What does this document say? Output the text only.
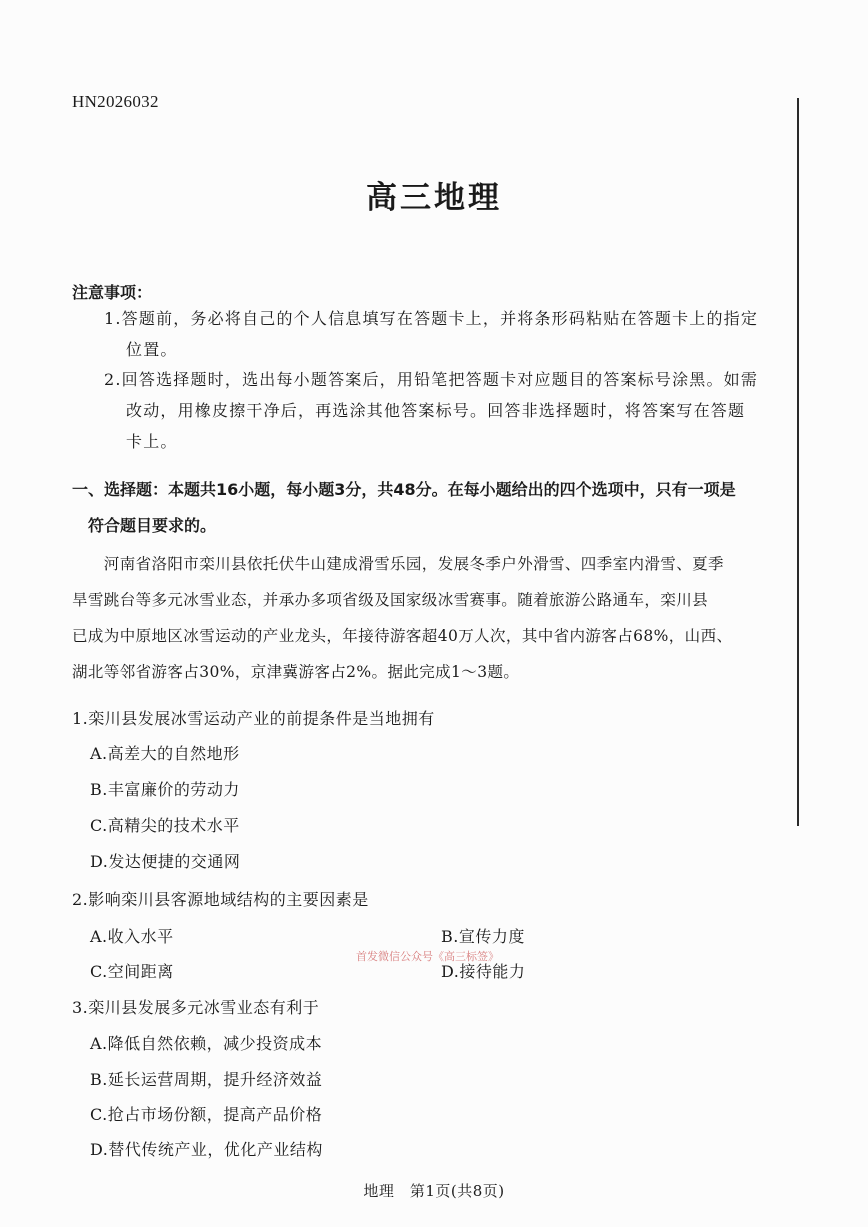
HN2026032
高三地理
注意事项：
1.答题前，务必将自己的个人信息填写在答题卡上，并将条形码粘贴在答题卡上的指定
位置。
2.回答选择题时，选出每小题答案后，用铅笔把答题卡对应题目的答案标号涂黑。如需
改动，用橡皮擦干净后，再选涂其他答案标号。回答非选择题时，将答案写在答题
卡上。
一、选择题：本题共16小题，每小题3分，共48分。在每小题给出的四个选项中，只有一项是
符合题目要求的。
　　河南省洛阳市栾川县依托伏牛山建成滑雪乐园，发展冬季户外滑雪、四季室内滑雪、夏季
旱雪跳台等多元冰雪业态，并承办多项省级及国家级冰雪赛事。随着旅游公路通车，栾川县
已成为中原地区冰雪运动的产业龙头，年接待游客超40万人次，其中省内游客占68%，山西、
湖北等邻省游客占30%，京津冀游客占2%。据此完成1～3题。
1.栾川县发展冰雪运动产业的前提条件是当地拥有
A.高差大的自然地形
B.丰富廉价的劳动力
C.高精尖的技术水平
D.发达便捷的交通网
2.影响栾川县客源地域结构的主要因素是
A.收入水平	B.宣传力度
C.空间距离	D.接待能力
首发微信公众号《高三标签》
3.栾川县发展多元冰雪业态有利于
A.降低自然依赖，减少投资成本
B.延长运营周期，提升经济效益
C.抢占市场份额，提高产品价格
D.替代传统产业，优化产业结构
地理　第1页(共8页)
